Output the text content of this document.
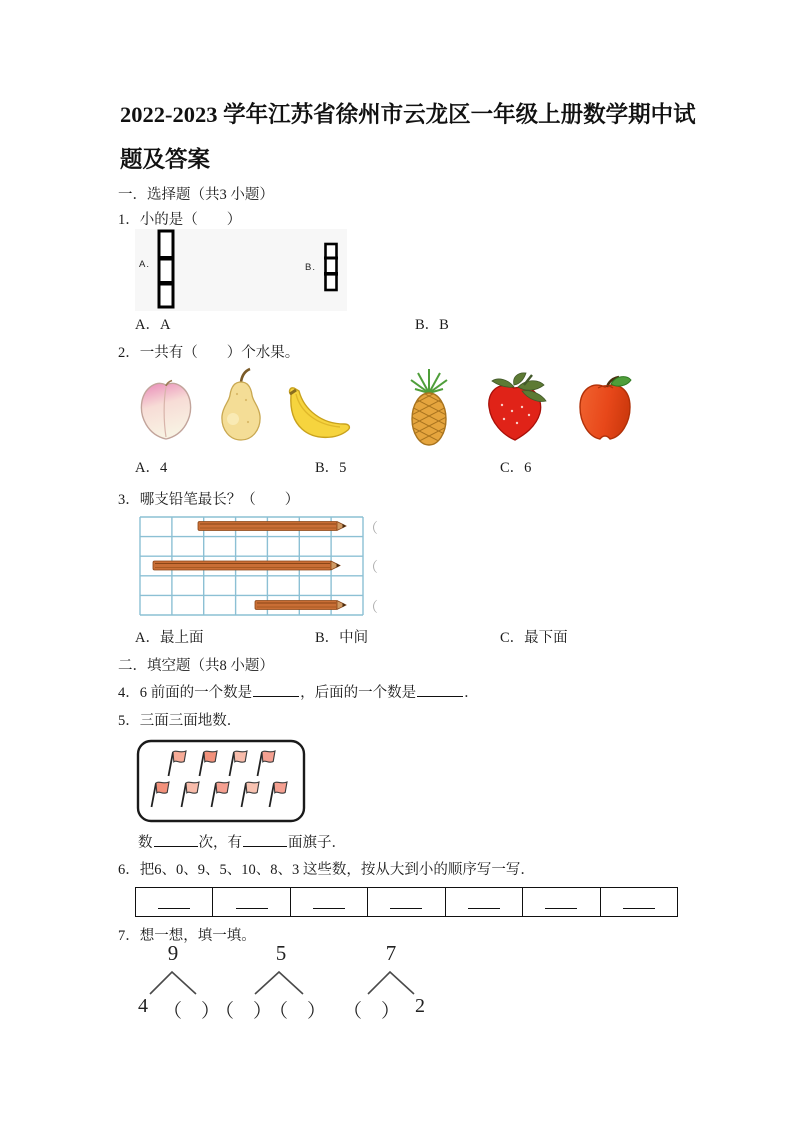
2022-2023 学年江苏省徐州市云龙区一年级上册数学期中试
题及答案
一．选择题（共3 小题）
1．小的是（　　）
A.	B.
A．A	B．B
2．一共有（　　）个水果。
A．4	B．5	C．6
3．哪支铅笔最长？（　　）
（
（
（
A．最上面	B．中间	C．最下面
二．填空题（共8 小题）
4．6 前面的一个数是	，后面的一个数是	．
5．三面三面地数．
数	次，有	面旗子．
6．把6、0、9、5、10、8、3 这些数，按从大到小的顺序写一写．
7．想一想，填一填。
9	5	7
4 （　）
（　）
（　） （　） 2
